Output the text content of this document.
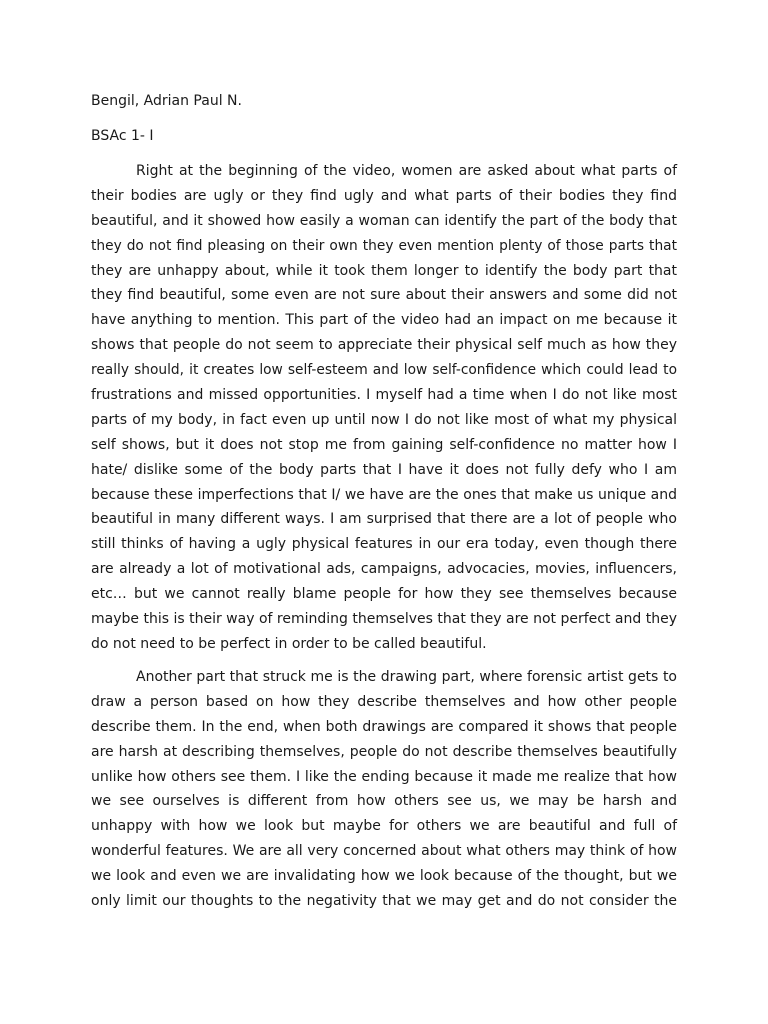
Bengil, Adrian Paul N.

BSAc 1- I

Right at the beginning of the video, women are asked about what parts of
their bodies are ugly or they find ugly and what parts of their bodies they find
beautiful, and it showed how easily a woman can identify the part of the body that
they do not find pleasing on their own they even mention plenty of those parts that
they are unhappy about, while it took them longer to identify the body part that
they find beautiful, some even are not sure about their answers and some did not
have anything to mention. This part of the video had an impact on me because it
shows that people do not seem to appreciate their physical self much as how they
really should, it creates low self-esteem and low self-confidence which could lead to
frustrations and missed opportunities. I myself had a time when I do not like most
parts of my body, in fact even up until now I do not like most of what my physical
self shows, but it does not stop me from gaining self-confidence no matter how I
hate/ dislike some of the body parts that I have it does not fully defy who I am
because these imperfections that I/ we have are the ones that make us unique and
beautiful in many different ways. I am surprised that there are a lot of people who
still thinks of having a ugly physical features in our era today, even though there
are already a lot of motivational ads, campaigns, advocacies, movies, influencers,
etc… but we cannot really blame people for how they see themselves because
maybe this is their way of reminding themselves that they are not perfect and they
do not need to be perfect in order to be called beautiful.
Another part that struck me is the drawing part, where forensic artist gets to
draw a person based on how they describe themselves and how other people
describe them. In the end, when both drawings are compared it shows that people
are harsh at describing themselves, people do not describe themselves beautifully
unlike how others see them. I like the ending because it made me realize that how
we see ourselves is different from how others see us, we may be harsh and
unhappy with how we look but maybe for others we are beautiful and full of
wonderful features. We are all very concerned about what others may think of how
we look and even we are invalidating how we look because of the thought, but we
only limit our thoughts to the negativity that we may get and do not consider the
